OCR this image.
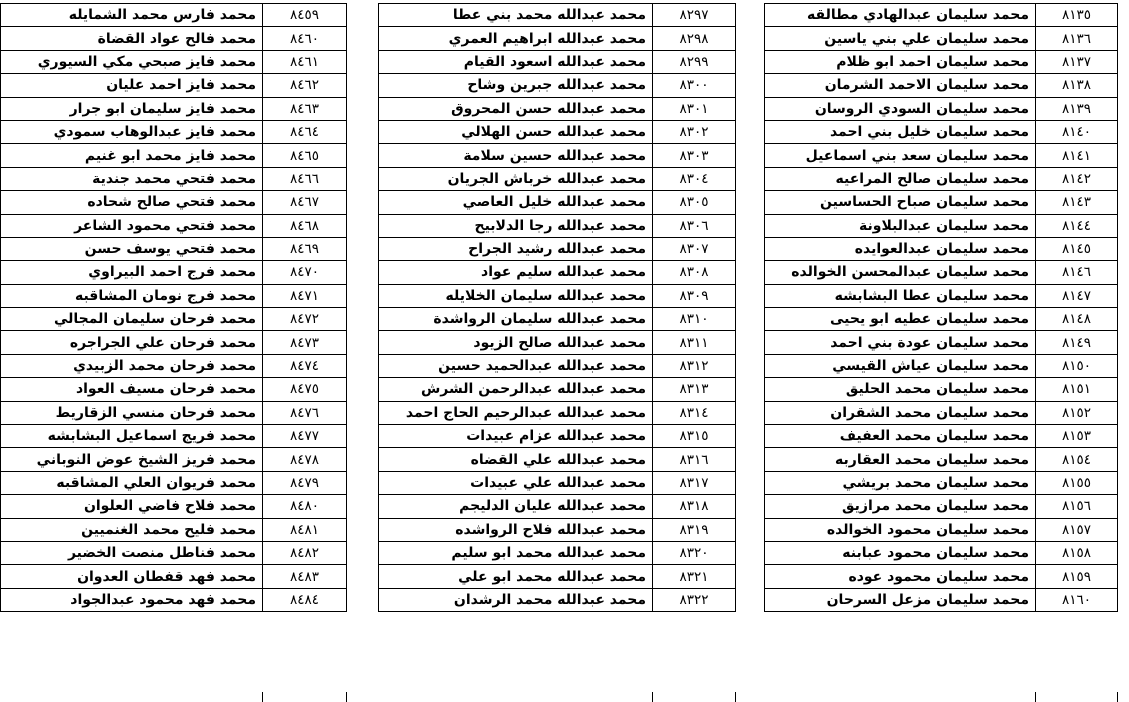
محمد فارس محمد الشمايله	٨٤٥٩
محمد فالح عواد القضاة	٨٤٦٠
محمد فايز صبحي مكي السيوري	٨٤٦١
محمد فايز احمد عليان	٨٤٦٢
محمد فايز سليمان ابو جرار	٨٤٦٣
محمد فايز عبدالوهاب سمودي	٨٤٦٤
محمد فايز محمد ابو غنيم	٨٤٦٥
محمد فتحي محمد جندية	٨٤٦٦
محمد فتحي صالح شحاده	٨٤٦٧
محمد فتحي محمود الشاعر	٨٤٦٨
محمد فتحي يوسف حسن	٨٤٦٩
محمد فرج احمد البيراوي	٨٤٧٠
محمد فرج نومان المشاقبه	٨٤٧١
محمد فرحان سليمان المجالي	٨٤٧٢
محمد فرحان علي الجراجره	٨٤٧٣
محمد فرحان محمد الزبيدي	٨٤٧٤
محمد فرحان مسيف العواد	٨٤٧٥
محمد فرحان منسي الزقاريط	٨٤٧٦
محمد فريج اسماعيل البشابشه	٨٤٧٧
محمد فريز الشيخ عوض النوباني	٨٤٧٨
محمد فريوان العلي المشاقبه	٨٤٧٩
محمد فلاح فاضي العلوان	٨٤٨٠
محمد فليح محمد الغنميين	٨٤٨١
محمد فناطل منصت الخضير	٨٤٨٢
محمد فهد قفطان العدوان	٨٤٨٣
محمد فهد محمود عبدالجواد	٨٤٨٤
محمد عبدالله محمد بني عطا	٨٢٩٧
محمد عبدالله ابراهيم العمري	٨٢٩٨
محمد عبدالله اسعود القيام	٨٢٩٩
محمد عبدالله جبرين وشاح	٨٣٠٠
محمد عبدالله حسن المحروق	٨٣٠١
محمد عبدالله حسن الهلالي	٨٣٠٢
محمد عبدالله حسين سلامة	٨٣٠٣
محمد عبدالله خرباش الجريان	٨٣٠٤
محمد عبدالله خليل العاصي	٨٣٠٥
محمد عبدالله رجا الدلابيح	٨٣٠٦
محمد عبدالله رشيد الجراح	٨٣٠٧
محمد عبدالله سليم عواد	٨٣٠٨
محمد عبدالله سليمان الخلايله	٨٣٠٩
محمد عبدالله سليمان الرواشدة	٨٣١٠
محمد عبدالله صالح الزيود	٨٣١١
محمد عبدالله عبدالحميد حسين	٨٣١٢
محمد عبدالله عبدالرحمن الشرش	٨٣١٣
محمد عبدالله عبدالرحيم الحاج احمد	٨٣١٤
محمد عبدالله عزام عبيدات	٨٣١٥
محمد عبدالله علي القضاه	٨٣١٦
محمد عبدالله علي عبيدات	٨٣١٧
محمد عبدالله عليان الدليجم	٨٣١٨
محمد عبدالله فلاح الرواشده	٨٣١٩
محمد عبدالله محمد ابو سليم	٨٣٢٠
محمد عبدالله محمد ابو علي	٨٣٢١
محمد عبدالله محمد الرشدان	٨٣٢٢
محمد سليمان عبدالهادي مطالقه	٨١٣٥
محمد سليمان علي بني ياسين	٨١٣٦
محمد سليمان احمد ابو ظلام	٨١٣٧
محمد سليمان الاحمد الشرمان	٨١٣٨
محمد سليمان السودي الروسان	٨١٣٩
محمد سليمان خليل بني احمد	٨١٤٠
محمد سليمان سعد بني اسماعيل	٨١٤١
محمد سليمان صالح المراعيه	٨١٤٢
محمد سليمان صباح الحساسين	٨١٤٣
محمد سليمان عبدالبلاونة	٨١٤٤
محمد سليمان عبدالعوايده	٨١٤٥
محمد سليمان عبدالمحسن الخوالده	٨١٤٦
محمد سليمان عطا البشابشه	٨١٤٧
محمد سليمان عطيه ابو يحيى	٨١٤٨
محمد سليمان عودة بني احمد	٨١٤٩
محمد سليمان عياش القيسي	٨١٥٠
محمد سليمان محمد الحليق	٨١٥١
محمد سليمان محمد الشقران	٨١٥٢
محمد سليمان محمد العفيف	٨١٥٣
محمد سليمان محمد العقاربه	٨١٥٤
محمد سليمان محمد بريشي	٨١٥٥
محمد سليمان محمد مرازيق	٨١٥٦
محمد سليمان محمود الخوالده	٨١٥٧
محمد سليمان محمود عبابنه	٨١٥٨
محمد سليمان محمود عوده	٨١٥٩
محمد سليمان مزعل السرحان	٨١٦٠
